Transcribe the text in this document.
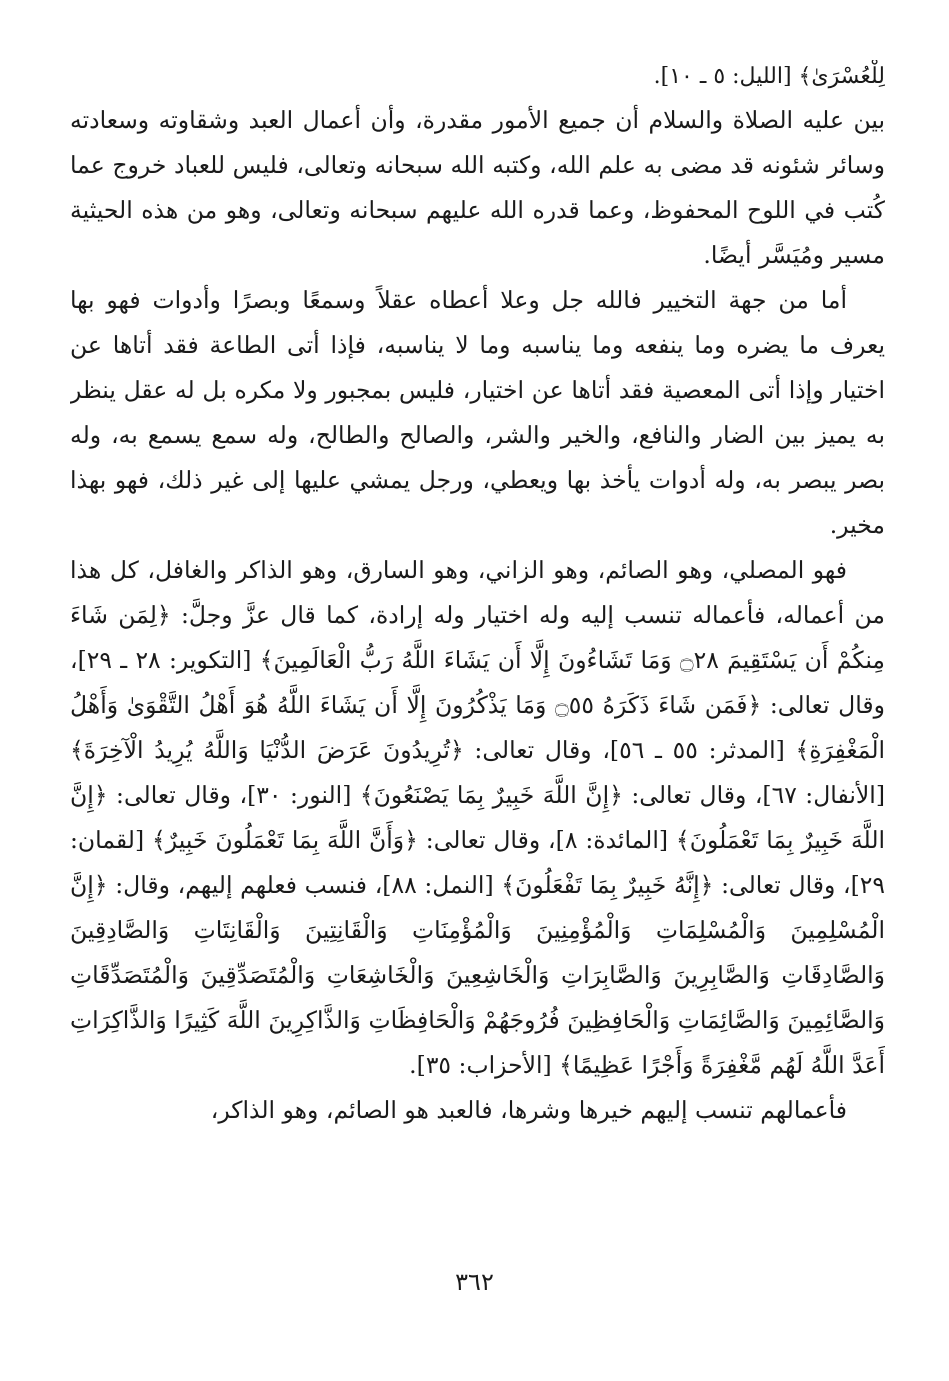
لِلْعُسْرَىٰ﴾ [الليل: ٥ ـ ١٠].

بين عليه الصلاة والسلام أن جميع الأمور مقدرة، وأن أعمال العبد وشقاوته وسعادته وسائر شئونه قد مضى به علم الله، وكتبه الله سبحانه وتعالى، فليس للعباد خروج عما كُتب في اللوح المحفوظ، وعما قدره الله عليهم سبحانه وتعالى، وهو من هذه الحيثية مسير ومُيَسَّر أيضًا.

أما من جهة التخيير فالله جل وعلا أعطاه عقلاً وسمعًا وبصرًا وأدوات فهو بها يعرف ما يضره وما ينفعه وما يناسبه وما لا يناسبه، فإذا أتى الطاعة فقد أتاها عن اختيار وإذا أتى المعصية فقد أتاها عن اختيار، فليس بمجبور ولا مكره بل له عقل ينظر به يميز بين الضار والنافع، والخير والشر، والصالح والطالح، وله سمع يسمع به، وله بصر يبصر به، وله أدوات يأخذ بها ويعطي، ورجل يمشي عليها إلى غير ذلك، فهو بهذا مخير.

فهو المصلي، وهو الصائم، وهو الزاني، وهو السارق، وهو الذاكر والغافل، كل هذا من أعماله، فأعماله تنسب إليه وله اختيار وله إرادة، كما قال عزَّ وجلَّ: ﴿لِمَن شَاءَ مِنكُمْ أَن يَسْتَقِيمَ ۝٢٨ وَمَا تَشَاءُونَ إِلَّا أَن يَشَاءَ اللَّهُ رَبُّ الْعَالَمِينَ﴾ [التكوير: ٢٨ ـ ٢٩]، وقال تعالى: ﴿فَمَن شَاءَ ذَكَرَهُ ۝٥٥ وَمَا يَذْكُرُونَ إِلَّا أَن يَشَاءَ اللَّهُ هُوَ أَهْلُ التَّقْوَىٰ وَأَهْلُ الْمَغْفِرَةِ﴾ [المدثر: ٥٥ ـ ٥٦]، وقال تعالى: ﴿تُرِيدُونَ عَرَضَ الدُّنْيَا وَاللَّهُ يُرِيدُ الْآخِرَةَ﴾ [الأنفال: ٦٧]، وقال تعالى: ﴿إِنَّ اللَّهَ خَبِيرٌ بِمَا يَصْنَعُونَ﴾ [النور: ٣٠]، وقال تعالى: ﴿إِنَّ اللَّهَ خَبِيرٌ بِمَا تَعْمَلُونَ﴾ [المائدة: ٨]، وقال تعالى: ﴿وَأَنَّ اللَّهَ بِمَا تَعْمَلُونَ خَبِيرٌ﴾ [لقمان: ٢٩]، وقال تعالى: ﴿إِنَّهُ خَبِيرٌ بِمَا تَفْعَلُونَ﴾ [النمل: ٨٨]، فنسب فعلهم إليهم، وقال: ﴿إِنَّ الْمُسْلِمِينَ وَالْمُسْلِمَاتِ وَالْمُؤْمِنِينَ وَالْمُؤْمِنَاتِ وَالْقَانِتِينَ وَالْقَانِتَاتِ وَالصَّادِقِينَ وَالصَّادِقَاتِ وَالصَّابِرِينَ وَالصَّابِرَاتِ وَالْخَاشِعِينَ وَالْخَاشِعَاتِ وَالْمُتَصَدِّقِينَ وَالْمُتَصَدِّقَاتِ وَالصَّائِمِينَ وَالصَّائِمَاتِ وَالْحَافِظِينَ فُرُوجَهُمْ وَالْحَافِظَاتِ وَالذَّاكِرِينَ اللَّهَ كَثِيرًا وَالذَّاكِرَاتِ أَعَدَّ اللَّهُ لَهُم مَّغْفِرَةً وَأَجْرًا عَظِيمًا﴾ [الأحزاب: ٣٥].

فأعمالهم تنسب إليهم خيرها وشرها، فالعبد هو الصائم، وهو الذاكر،

٣٦٢
